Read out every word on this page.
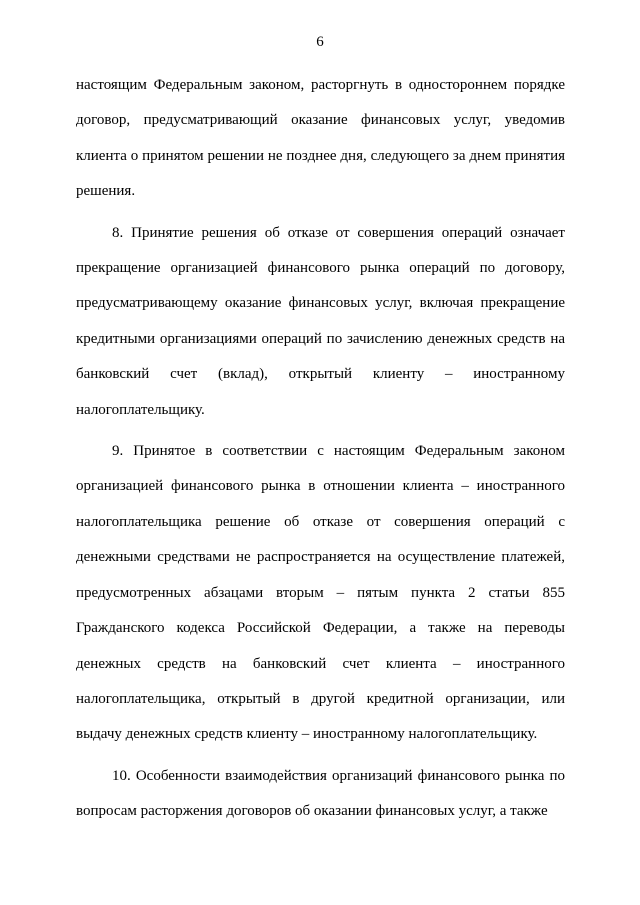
6

настоящим Федеральным законом, расторгнуть в одностороннем порядке договор, предусматривающий оказание финансовых услуг, уведомив клиента о принятом решении не позднее дня, следующего за днем принятия решения.

8. Принятие решения об отказе от совершения операций означает прекращение организацией финансового рынка операций по договору, предусматривающему оказание финансовых услуг, включая прекращение кредитными организациями операций по зачислению денежных средств на банковский счет (вклад), открытый клиенту – иностранному налогоплательщику.

9. Принятое в соответствии с настоящим Федеральным законом организацией финансового рынка в отношении клиента – иностранного налогоплательщика решение об отказе от совершения операций с денежными средствами не распространяется на осуществление платежей, предусмотренных абзацами вторым – пятым пункта 2 статьи 855 Гражданского кодекса Российской Федерации, а также на переводы денежных средств на банковский счет клиента – иностранного налогоплательщика, открытый в другой кредитной организации, или выдачу денежных средств клиенту – иностранному налогоплательщику.

10. Особенности взаимодействия организаций финансового рынка по вопросам расторжения договоров об оказании финансовых услуг, а также
